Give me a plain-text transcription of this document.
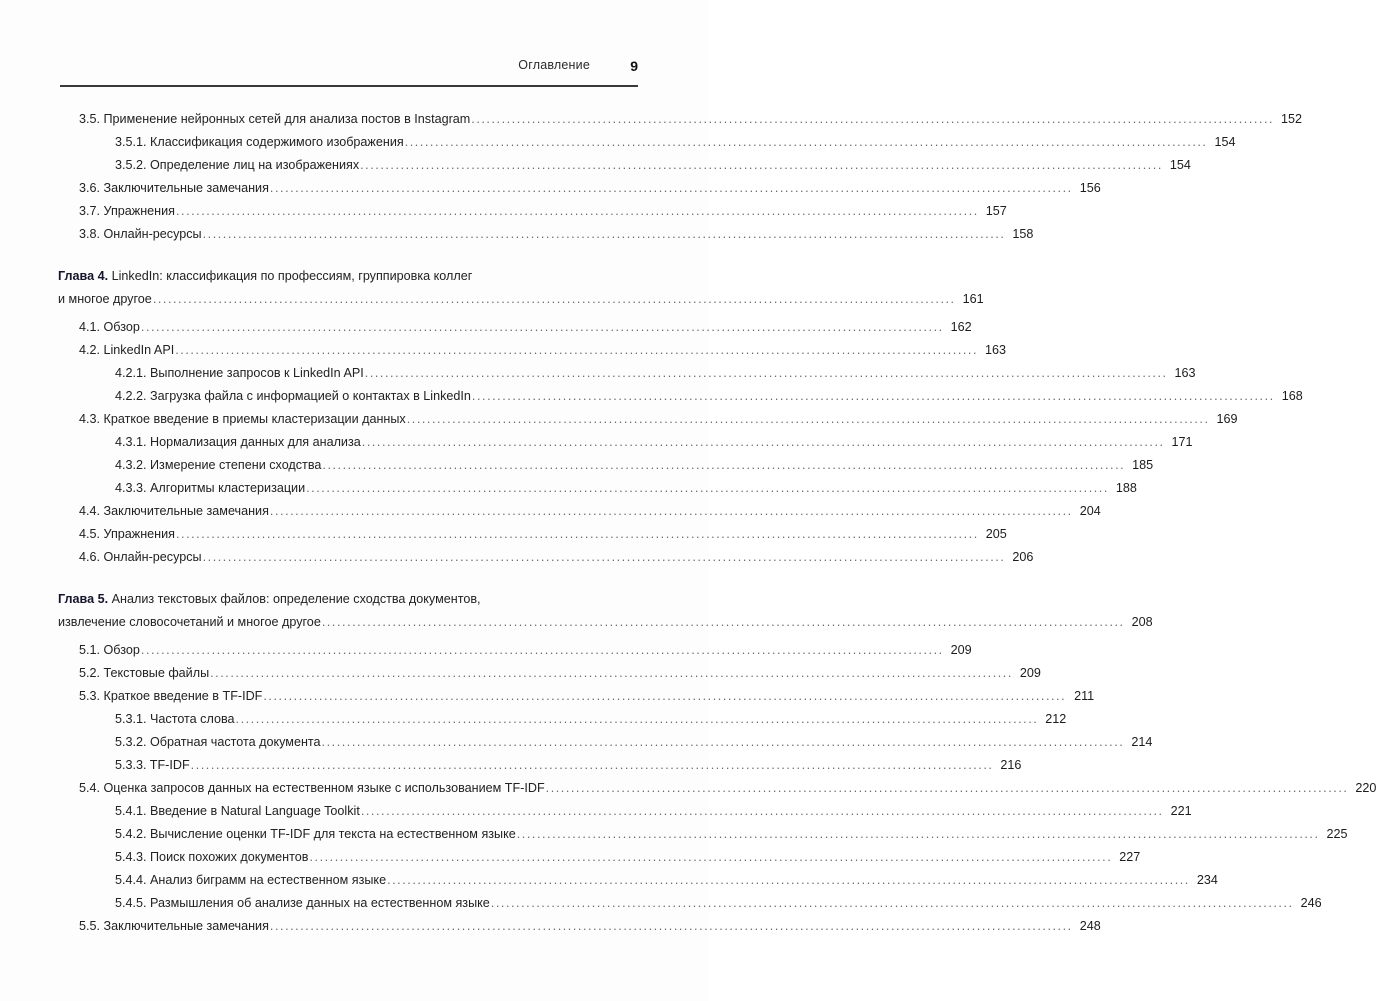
Оглавление	9
3.5. Применение нейронных сетей для анализа постов в Instagram ............................................................................................................................................................... 152
3.5.1. Классификация содержимого изображения ............................................................................................................................................................... 154
3.5.2. Определение лиц на изображениях ............................................................................................................................................................... 154
3.6. Заключительные замечания ............................................................................................................................................................... 156
3.7. Упражнения ............................................................................................................................................................... 157
3.8. Онлайн-ресурсы ............................................................................................................................................................... 158
Глава 4. LinkedIn: классификация по профессиям, группировка коллег
и многое другое ............................................................................................................................................................... 161
4.1. Обзор ............................................................................................................................................................... 162
4.2. LinkedIn API ............................................................................................................................................................... 163
4.2.1. Выполнение запросов к LinkedIn API ............................................................................................................................................................... 163
4.2.2. Загрузка файла с информацией о контактах в LinkedIn ............................................................................................................................................................... 168
4.3. Краткое введение в приемы кластеризации данных ............................................................................................................................................................... 169
4.3.1. Нормализация данных для анализа ............................................................................................................................................................... 171
4.3.2. Измерение степени сходства ............................................................................................................................................................... 185
4.3.3. Алгоритмы кластеризации ............................................................................................................................................................... 188
4.4. Заключительные замечания ............................................................................................................................................................... 204
4.5. Упражнения ............................................................................................................................................................... 205
4.6. Онлайн-ресурсы ............................................................................................................................................................... 206
Глава 5. Анализ текстовых файлов: определение сходства документов,
извлечение словосочетаний и многое другое ............................................................................................................................................................... 208
5.1. Обзор ............................................................................................................................................................... 209
5.2. Текстовые файлы ............................................................................................................................................................... 209
5.3. Краткое введение в TF-IDF ............................................................................................................................................................... 211
5.3.1. Частота слова ............................................................................................................................................................... 212
5.3.2. Обратная частота документа ............................................................................................................................................................... 214
5.3.3. TF-IDF ............................................................................................................................................................... 216
5.4. Оценка запросов данных на естественном языке с использованием TF-IDF ............................................................................................................................................................... 220
5.4.1. Введение в Natural Language Toolkit ............................................................................................................................................................... 221
5.4.2. Вычисление оценки TF-IDF для текста на естественном языке ............................................................................................................................................................... 225
5.4.3. Поиск похожих документов ............................................................................................................................................................... 227
5.4.4. Анализ биграмм на естественном языке ............................................................................................................................................................... 234
5.4.5. Размышления об анализе данных на естественном языке ............................................................................................................................................................... 246
5.5. Заключительные замечания ............................................................................................................................................................... 248
